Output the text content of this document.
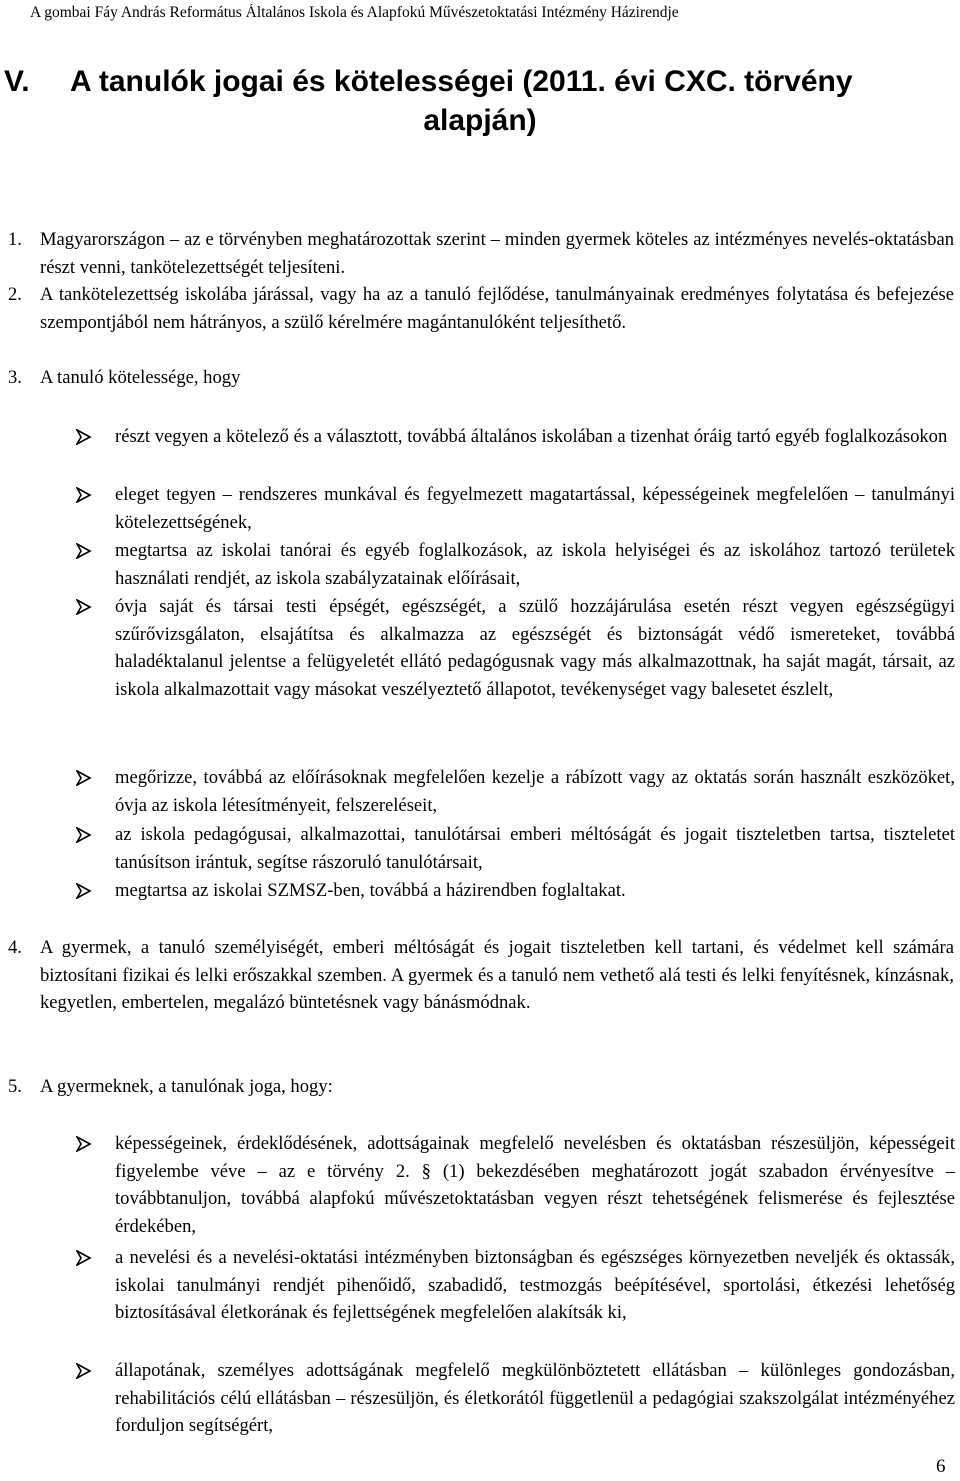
A gombai Fáy András Református Általános Iskola és Alapfokú Művészetoktatási Intézmény Házirendje
V. A tanulók jogai és kötelességei (2011. évi CXC. törvény
alapján)
1. Magyarországon – az e törvényben meghatározottak szerint – minden gyermek köteles az intézményes nevelés-oktatásban részt venni, tankötelezettségét teljesíteni.
2. A tankötelezettség iskolába járással, vagy ha az a tanuló fejlődése, tanulmányainak eredményes folytatása és befejezése szempontjából nem hátrányos, a szülő kérelmére magántanulóként teljesíthető.
3. A tanuló kötelessége, hogy
részt vegyen a kötelező és a választott, továbbá általános iskolában a tizenhat óráig tartó egyéb foglalkozásokon
eleget tegyen – rendszeres munkával és fegyelmezett magatartással, képességeinek megfelelően – tanulmányi kötelezettségének,
megtartsa az iskolai tanórai és egyéb foglalkozások, az iskola helyiségei és az iskolához tartozó területek használati rendjét, az iskola szabályzatainak előírásait,
óvja saját és társai testi épségét, egészségét, a szülő hozzájárulása esetén részt vegyen egészségügyi szűrővizsgálaton, elsajátítsa és alkalmazza az egészségét és biztonságát védő ismereteket, továbbá haladéktalanul jelentse a felügyeletét ellátó pedagógusnak vagy más alkalmazottnak, ha saját magát, társait, az iskola alkalmazottait vagy másokat veszélyeztető állapotot, tevékenységet vagy balesetet észlelt,
megőrizze, továbbá az előírásoknak megfelelően kezelje a rábízott vagy az oktatás során használt eszközöket, óvja az iskola létesítményeit, felszereléseit,
az iskola pedagógusai, alkalmazottai, tanulótársai emberi méltóságát és jogait tiszteletben tartsa, tiszteletet tanúsítson irántuk, segítse rászoruló tanulótársait,
megtartsa az iskolai SZMSZ-ben, továbbá a házirendben foglaltakat.
4. A gyermek, a tanuló személyiségét, emberi méltóságát és jogait tiszteletben kell tartani, és védelmet kell számára biztosítani fizikai és lelki erőszakkal szemben. A gyermek és a tanuló nem vethető alá testi és lelki fenyítésnek, kínzásnak, kegyetlen, embertelen, megalázó büntetésnek vagy bánásmódnak.
5. A gyermeknek, a tanulónak joga, hogy:
képességeinek, érdeklődésének, adottságainak megfelelő nevelésben és oktatásban részesüljön, képességeit figyelembe véve – az e törvény 2. § (1) bekezdésében meghatározott jogát szabadon érvényesítve – továbbtanuljon, továbbá alapfokú művészetoktatásban vegyen részt tehetségének felismerése és fejlesztése érdekében,
a nevelési és a nevelési-oktatási intézményben biztonságban és egészséges környezetben neveljék és oktassák, iskolai tanulmányi rendjét pihenőidő, szabadidő, testmozgás beépítésével, sportolási, étkezési lehetőség biztosításával életkorának és fejlettségének megfelelően alakítsák ki,
állapotának, személyes adottságának megfelelő megkülönböztetett ellátásban – különleges gondozásban, rehabilitációs célú ellátásban – részesüljön, és életkorától függetlenül a pedagógiai szakszolgálat intézményéhez forduljon segítségért,
6
